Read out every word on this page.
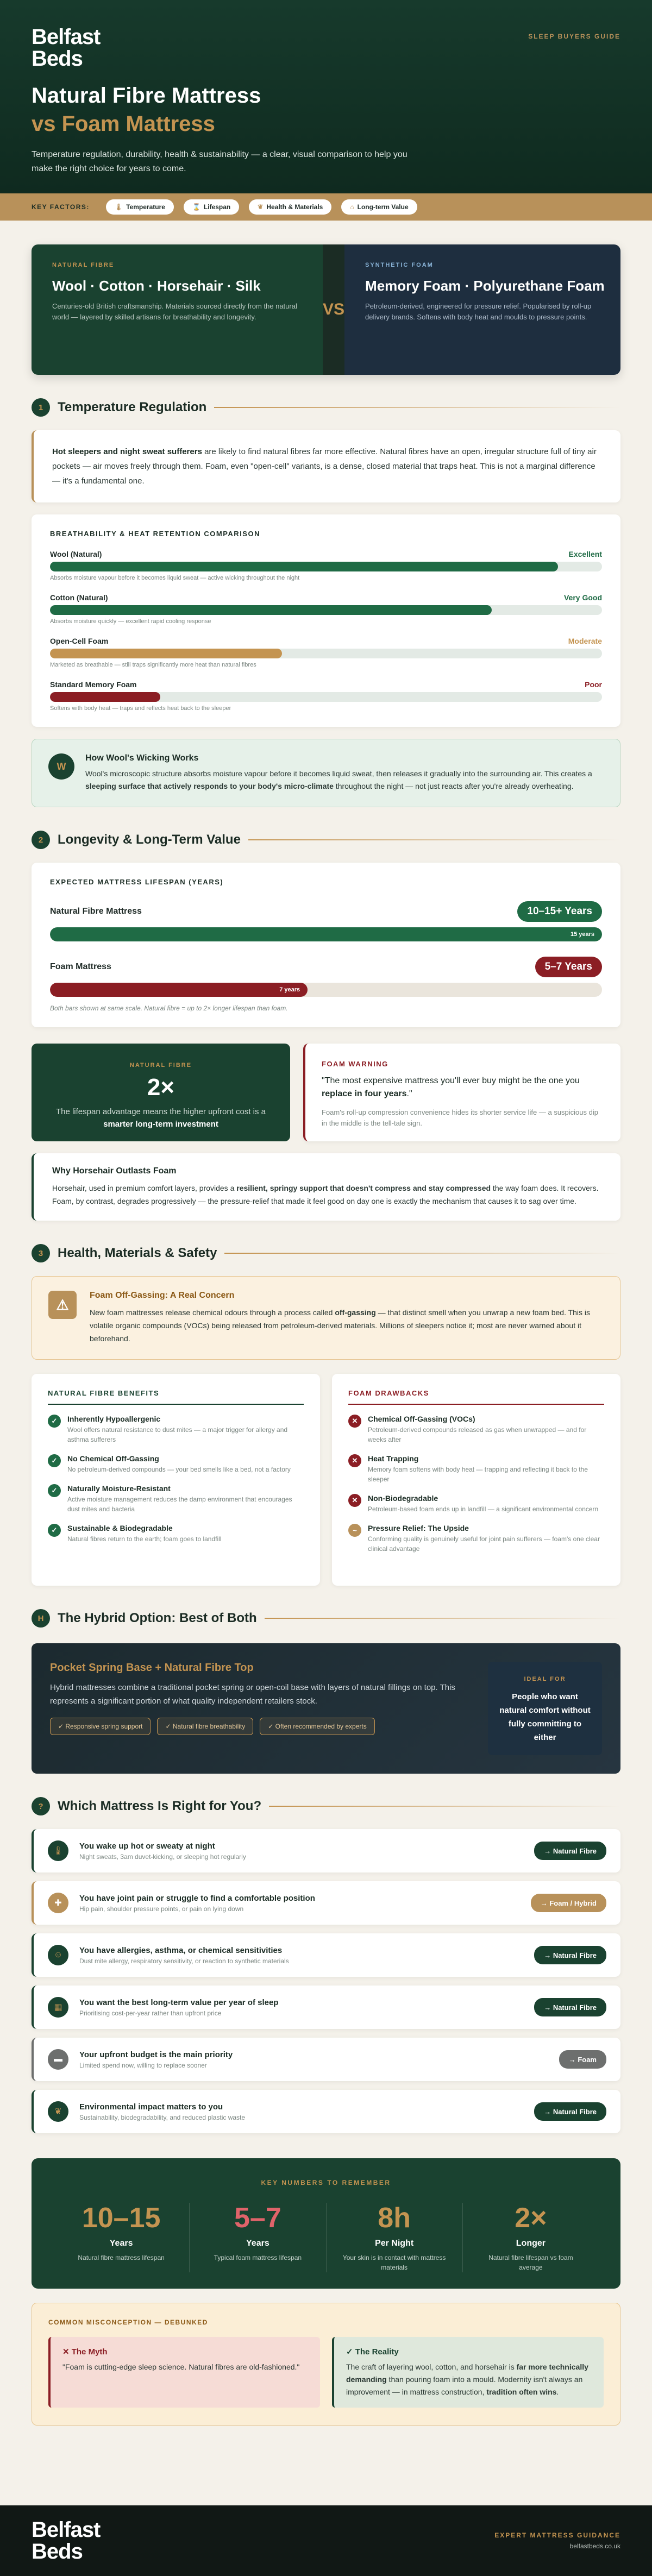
Belfast
Beds
SLEEP BUYERS GUIDE
Natural Fibre Mattress
vs Foam Mattress

Temperature regulation, durability, health & sustainability — a clear, visual comparison to help you make the right choice for years to come.

KEY FACTORS:	🌡 Temperature	⌛ Lifespan	❦ Health & Materials	⌂ Long-term Value
NATURAL FIBRE
Wool · Cotton · Horsehair · Silk
Centuries-old British craftsmanship. Materials sourced directly from the natural world — layered by skilled artisans for breathability and longevity.	VS
SYNTHETIC FOAM
Memory Foam · Polyurethane Foam
Petroleum-derived, engineered for pressure relief. Popularised by roll-up delivery brands. Softens with body heat and moulds to pressure points.
1	Temperature Regulation
Hot sleepers and night sweat sufferers are likely to find natural fibres far more effective. Natural fibres have an open, irregular structure full of tiny air pockets — air moves freely through them. Foam, even "open-cell" variants, is a dense, closed material that traps heat. This is not a marginal difference — it's a fundamental one.
BREATHABILITY & HEAT RETENTION COMPARISON
Wool (Natural)	Excellent
Absorbs moisture vapour before it becomes liquid sweat — active wicking throughout the night
Cotton (Natural)	Very Good
Absorbs moisture quickly — excellent rapid cooling response
Open-Cell Foam	Moderate
Marketed as breathable — still traps significantly more heat than natural fibres
Standard Memory Foam	Poor
Softens with body heat — traps and reflects heat back to the sleeper
W
How Wool's Wicking Works

Wool's microscopic structure absorbs moisture vapour before it becomes liquid sweat, then releases it gradually into the surrounding air. This creates a sleeping surface that actively responds to your body's micro-climate throughout the night — not just reacts after you're already overheating.

2	Longevity & Long-Term Value
EXPECTED MATTRESS LIFESPAN (YEARS)
Natural Fibre Mattress	10–15+ Years
15 years
Foam Mattress	5–7 Years
7 years
Both bars shown at same scale. Natural fibre = up to 2× longer lifespan than foam.
NATURAL FIBRE
2×
The lifespan advantage means the higher upfront cost is a smarter long-term investment
FOAM WARNING
"The most expensive mattress you'll ever buy might be the one you replace in four years."
Foam's roll-up compression convenience hides its shorter service life — a suspicious dip in the middle is the tell-tale sign.
Why Horsehair Outlasts Foam

Horsehair, used in premium comfort layers, provides a resilient, springy support that doesn't compress and stay compressed the way foam does. It recovers. Foam, by contrast, degrades progressively — the pressure-relief that made it feel good on day one is exactly the mechanism that causes it to sag over time.

3	Health, Materials & Safety
⚠
Foam Off-Gassing: A Real Concern

New foam mattresses release chemical odours through a process called off-gassing — that distinct smell when you unwrap a new foam bed. This is volatile organic compounds (VOCs) being released from petroleum-derived materials. Millions of sleepers notice it; most are never warned about it beforehand.

NATURAL FIBRE BENEFITS
✓	Inherently Hypoallergenic
Wool offers natural resistance to dust mites — a major trigger for allergy and asthma sufferers
✓	No Chemical Off-Gassing
No petroleum-derived compounds — your bed smells like a bed, not a factory
✓	Naturally Moisture-Resistant
Active moisture management reduces the damp environment that encourages dust mites and bacteria
✓	Sustainable & Biodegradable
Natural fibres return to the earth; foam goes to landfill
FOAM DRAWBACKS
✕	Chemical Off-Gassing (VOCs)
Petroleum-derived compounds released as gas when unwrapped — and for weeks after
✕	Heat Trapping
Memory foam softens with body heat — trapping and reflecting it back to the sleeper
✕	Non-Biodegradable
Petroleum-based foam ends up in landfill — a significant environmental concern
~	Pressure Relief: The Upside
Conforming quality is genuinely useful for joint pain sufferers — foam's one clear clinical advantage
H	The Hybrid Option: Best of Both
Pocket Spring Base + Natural Fibre Top

Hybrid mattresses combine a traditional pocket spring or open-coil base with layers of natural fillings on top. This represents a significant portion of what quality independent retailers stock.

✓ Responsive spring support	✓ Natural fibre breathability	✓ Often recommended by experts
IDEAL FOR
People who want natural comfort without fully committing to either
?	Which Mattress Is Right for You?
🌡
You wake up hot or sweaty at night
Night sweats, 3am duvet-kicking, or sleeping hot regularly
→ Natural Fibre
✚
You have joint pain or struggle to find a comfortable position
Hip pain, shoulder pressure points, or pain on lying down
→ Foam / Hybrid
☺	You have allergies, asthma, or chemical sensitivities
Dust mite allergy, respiratory sensitivity, or reaction to synthetic materials
→ Natural Fibre
▦
You want the best long-term value per year of sleep
Prioritising cost-per-year rather than upfront price
→ Natural Fibre
▬	Your upfront budget is the main priority
Limited spend now, willing to replace sooner
→ Foam
❦
Environmental impact matters to you
Sustainability, biodegradability, and reduced plastic waste
→ Natural Fibre
KEY NUMBERS TO REMEMBER
10–15
Years
Natural fibre mattress lifespan
5–7
Years
Typical foam mattress lifespan
8h
Per Night
Your skin is in contact with mattress materials
2×
Longer
Natural fibre lifespan vs foam average
COMMON MISCONCEPTION — DEBUNKED
✕ The Myth

"Foam is cutting-edge sleep science. Natural fibres are old-fashioned."

✓ The Reality

The craft of layering wool, cotton, and horsehair is far more technically demanding than pouring foam into a mould. Modernity isn't always an improvement — in mattress construction, tradition often wins.

Belfast
Beds
EXPERT MATTRESS GUIDANCE
belfastbeds.co.uk
